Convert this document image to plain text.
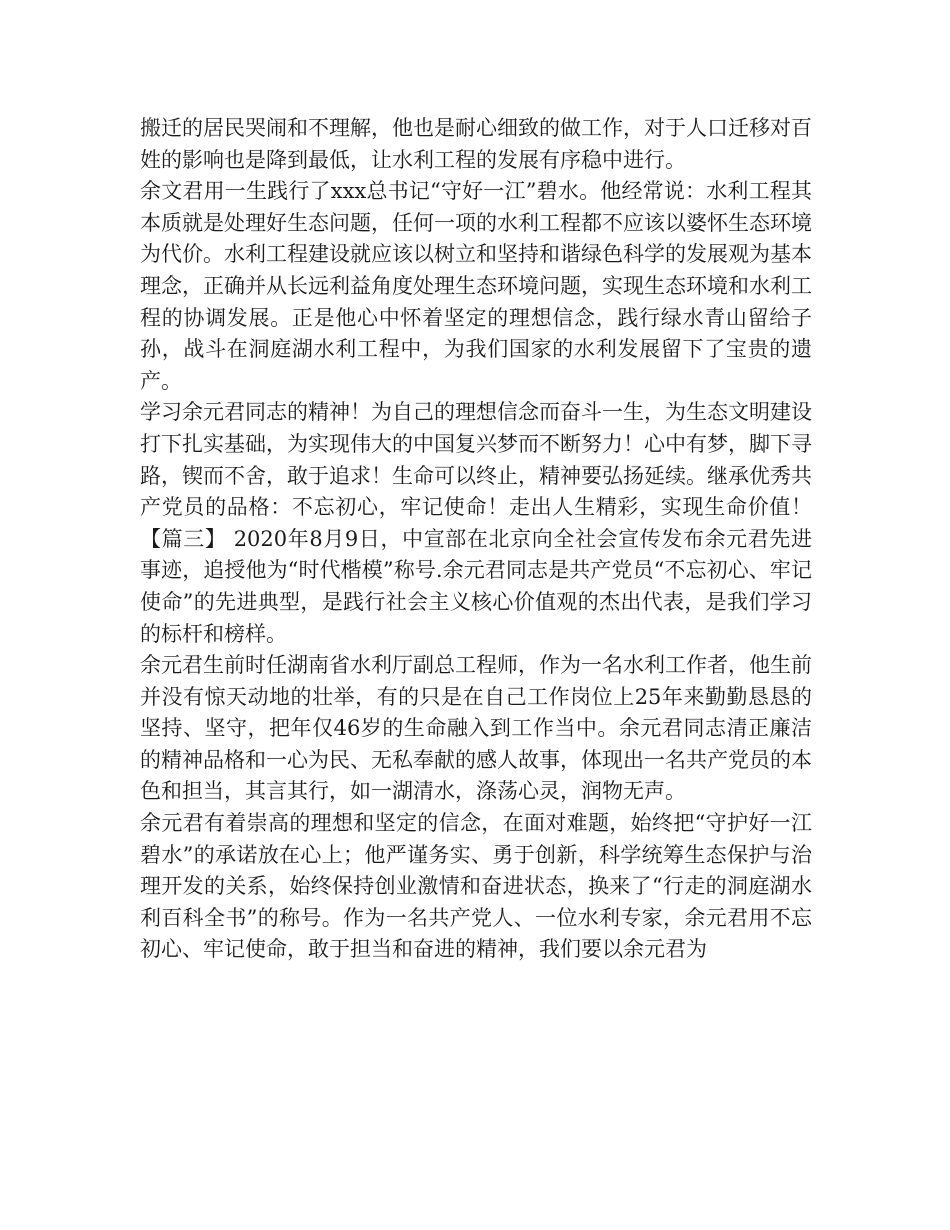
搬迁的居民哭闹和不理解，他也是耐心细致的做工作，对于人口迁移对百姓的影响也是降到最低，让水利工程的发展有序稳中进行。

余文君用一生践行了xxx总书记“守好一江”碧水。他经常说：水利工程其本质就是处理好生态问题，任何一项的水利工程都不应该以婆怀生态环境为代价。水利工程建设就应该以树立和坚持和谐绿色科学的发展观为基本理念，正确并从长远利益角度处理生态环境问题，实现生态环境和水利工程的协调发展。正是他心中怀着坚定的理想信念，践行绿水青山留给子孙，战斗在洞庭湖水利工程中，为我们国家的水利发展留下了宝贵的遗产。

学习余元君同志的精神！为自己的理想信念而奋斗一生，为生态文明建设打下扎实基础，为实现伟大的中国复兴梦而不断努力！心中有梦，脚下寻路，锲而不舍，敢于追求！生命可以终止，精神要弘扬延续。继承优秀共产党员的品格：不忘初心，牢记使命！走出人生精彩，实现生命价值！ 【篇三】 2020年8月9日，中宣部在北京向全社会宣传发布余元君先进事迹，追授他为“时代楷模”称号.余元君同志是共产党员“不忘初心、牢记使命”的先进典型，是践行社会主义核心价值观的杰出代表，是我们学习的标杆和榜样。

余元君生前时任湖南省水利厅副总工程师，作为一名水利工作者，他生前并没有惊天动地的壮举，有的只是在自己工作岗位上25年来勤勤恳恳的坚持、坚守，把年仅46岁的生命融入到工作当中。余元君同志清正廉洁的精神品格和一心为民、无私奉献的感人故事，体现出一名共产党员的本色和担当，其言其行，如一湖清水，涤荡心灵，润物无声。

余元君有着崇高的理想和坚定的信念，在面对难题，始终把“守护好一江碧水”的承诺放在心上；他严谨务实、勇于创新，科学统筹生态保护与治理开发的关系，始终保持创业激情和奋进状态，换来了“行走的洞庭湖水利百科全书”的称号。作为一名共产党人、一位水利专家，余元君用不忘初心、牢记使命，敢于担当和奋进的精神，我们要以余元君为
